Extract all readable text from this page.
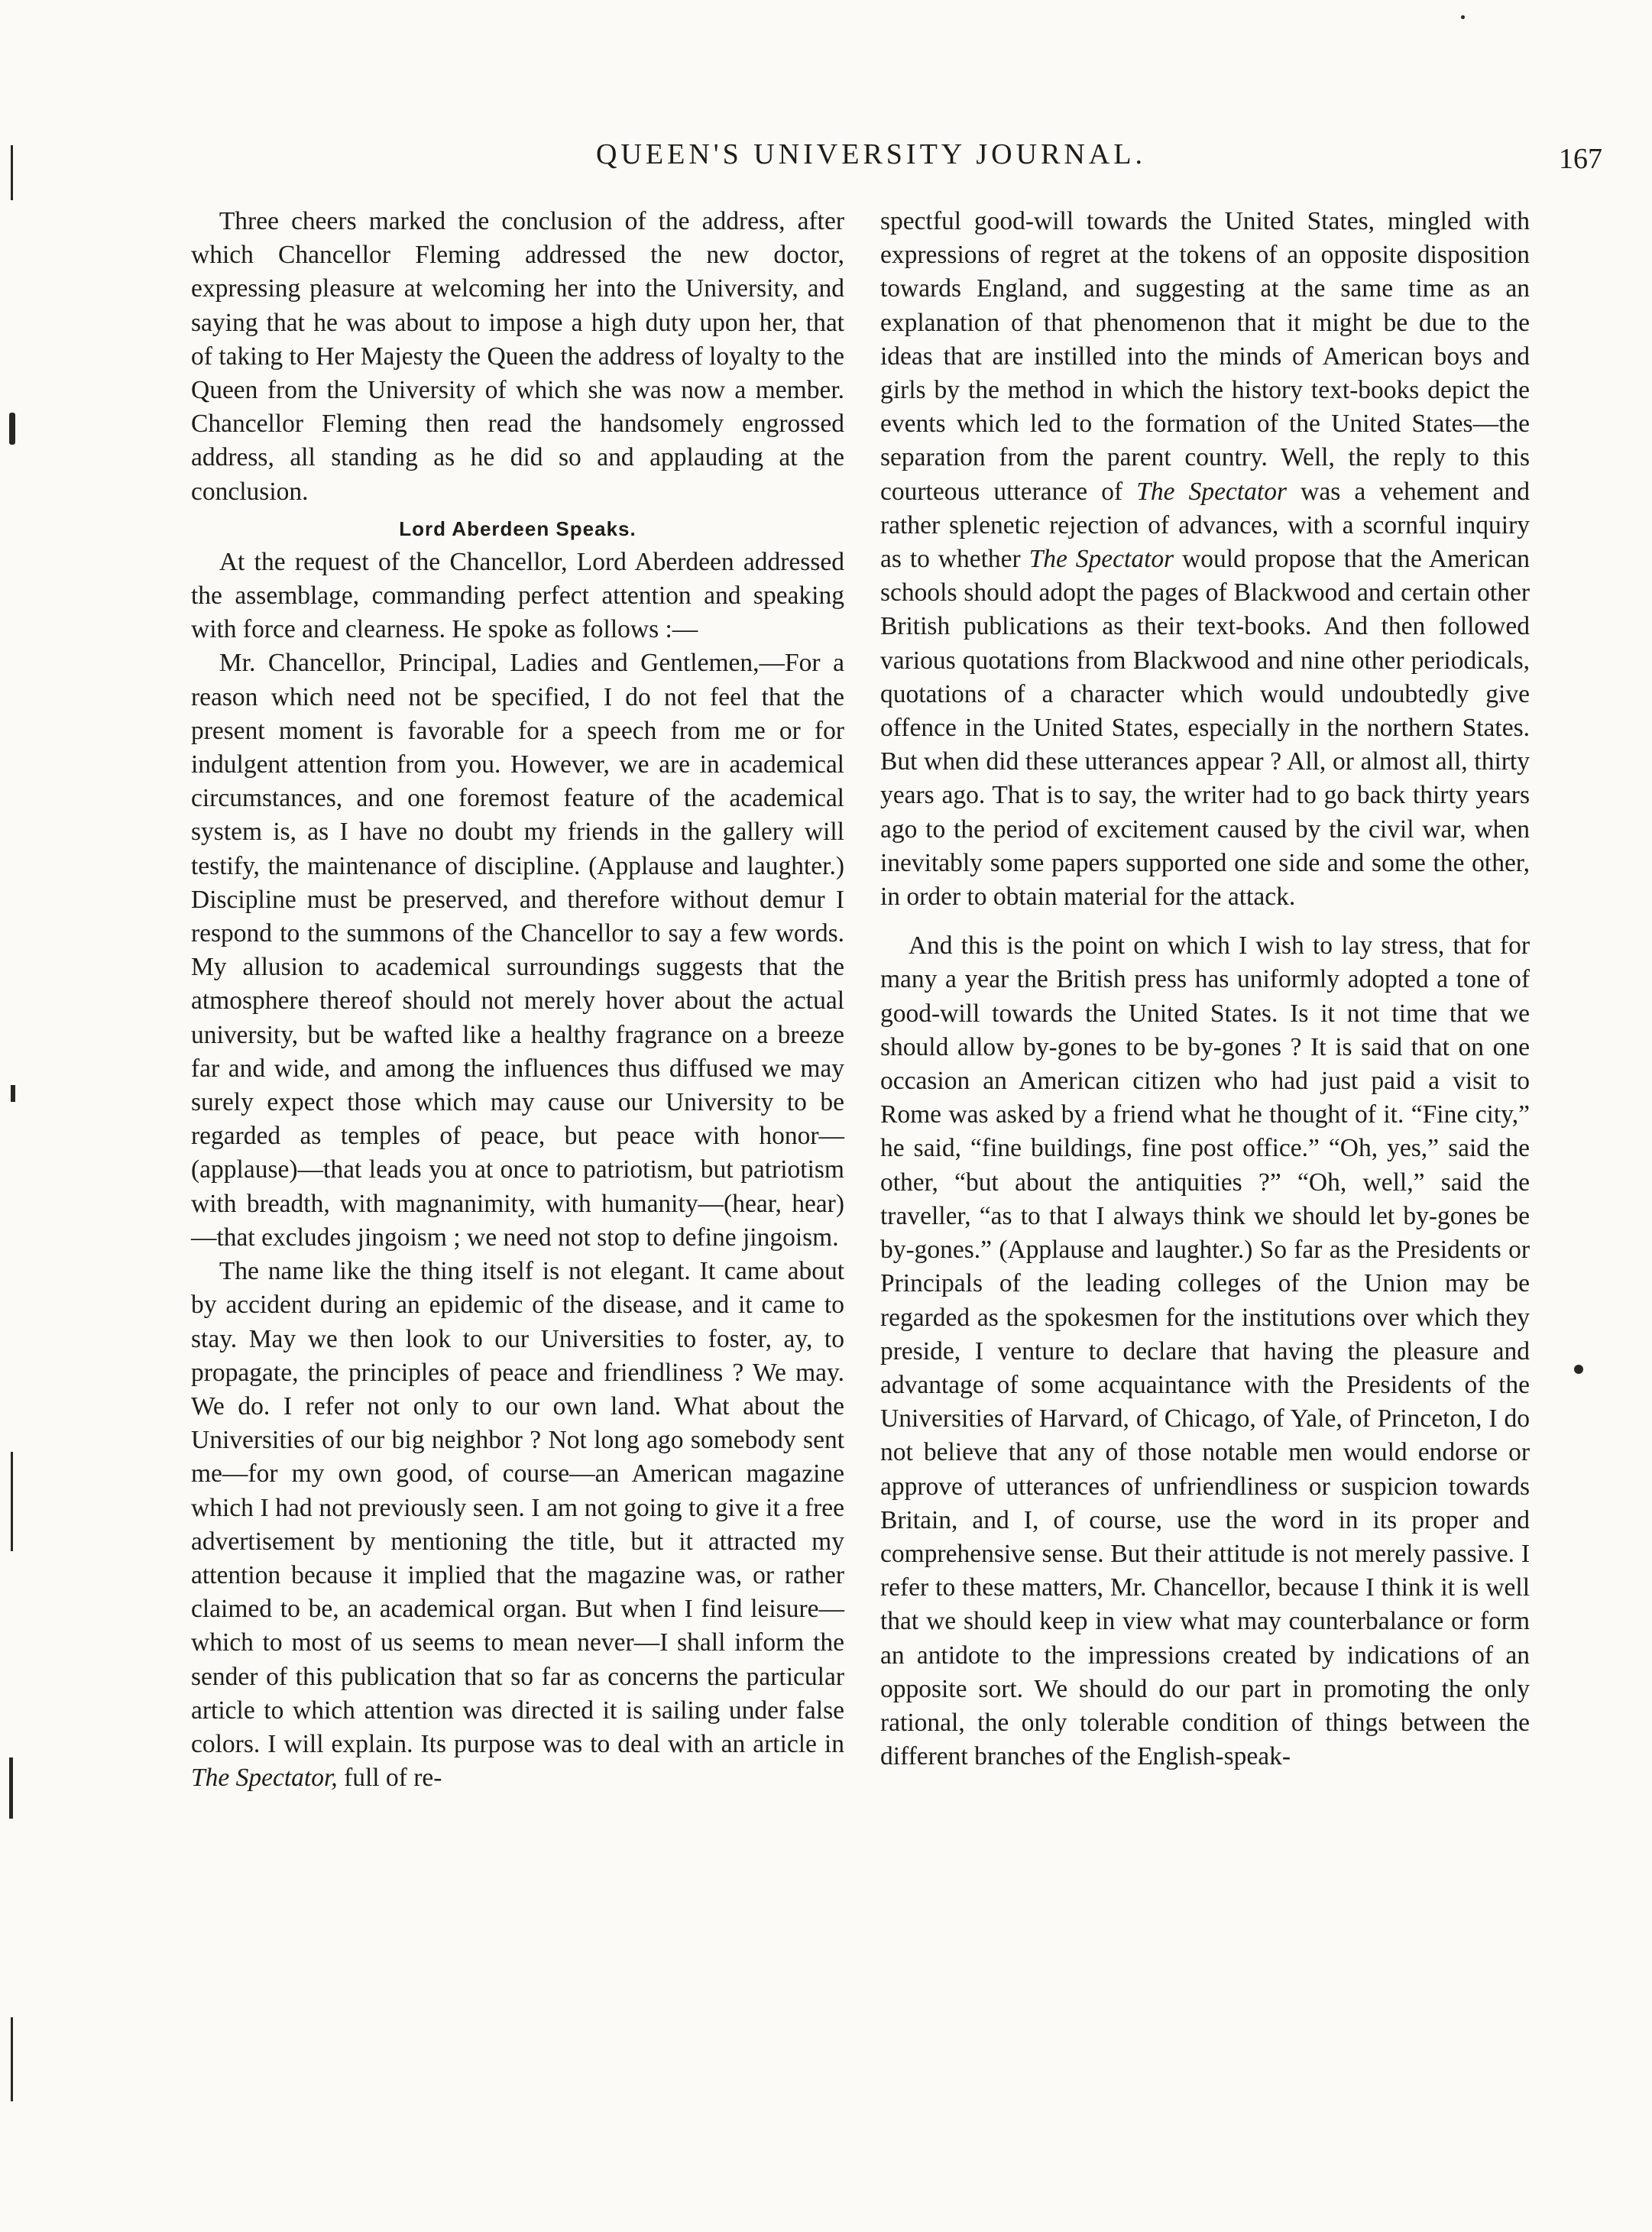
QUEEN'S UNIVERSITY JOURNAL.	167

Three cheers marked the conclusion of the address, after which Chancellor Fleming addressed the new doctor, expressing pleasure at welcoming her into the University, and saying that he was about to impose a high duty upon her, that of taking to Her Majesty the Queen the address of loyalty to the Queen from the University of which she was now a member. Chancellor Fleming then read the handsomely engrossed address, all standing as he did so and applauding at the conclusion.

Lord Aberdeen Speaks.

At the request of the Chancellor, Lord Aberdeen addressed the assemblage, commanding perfect attention and speaking with force and clearness. He spoke as follows :—

Mr. Chancellor, Principal, Ladies and Gentlemen,—For a reason which need not be specified, I do not feel that the present moment is favorable for a speech from me or for indulgent attention from you. However, we are in academical circumstances, and one foremost feature of the academical system is, as I have no doubt my friends in the gallery will testify, the maintenance of discipline. (Applause and laughter.) Discipline must be preserved, and therefore without demur I respond to the summons of the Chancellor to say a few words. My allusion to academical surroundings suggests that the atmosphere thereof should not merely hover about the actual university, but be wafted like a healthy fragrance on a breeze far and wide, and among the influences thus diffused we may surely expect those which may cause our University to be regarded as temples of peace, but peace with honor—(applause)—that leads you at once to patriotism, but patriotism with breadth, with magnanimity, with humanity—(hear, hear)—that excludes jingoism ; we need not stop to define jingoism.

The name like the thing itself is not elegant. It came about by accident during an epidemic of the disease, and it came to stay. May we then look to our Universities to foster, ay, to propagate, the principles of peace and friendliness ? We may. We do. I refer not only to our own land. What about the Universities of our big neighbor ? Not long ago somebody sent me—for my own good, of course—an American magazine which I had not previously seen. I am not going to give it a free advertisement by mentioning the title, but it attracted my attention because it implied that the magazine was, or rather claimed to be, an academical organ. But when I find leisure—which to most of us seems to mean never—I shall inform the sender of this publication that so far as concerns the particular article to which attention was directed it is sailing under false colors. I will explain. Its purpose was to deal with an article in The Spectator, full of re-

spectful good-will towards the United States, mingled with expressions of regret at the tokens of an opposite disposition towards England, and suggesting at the same time as an explanation of that phenomenon that it might be due to the ideas that are instilled into the minds of American boys and girls by the method in which the history text-books depict the events which led to the formation of the United States—the separation from the parent country. Well, the reply to this courteous utterance of The Spectator was a vehement and rather splenetic rejection of advances, with a scornful inquiry as to whether The Spectator would propose that the American schools should adopt the pages of Blackwood and certain other British publications as their text-books. And then followed various quotations from Blackwood and nine other periodicals, quotations of a character which would undoubtedly give offence in the United States, especially in the northern States. But when did these utterances appear ? All, or almost all, thirty years ago. That is to say, the writer had to go back thirty years ago to the period of excitement caused by the civil war, when inevitably some papers supported one side and some the other, in order to obtain material for the attack.

And this is the point on which I wish to lay stress, that for many a year the British press has uniformly adopted a tone of good-will towards the United States. Is it not time that we should allow by-gones to be by-gones ? It is said that on one occasion an American citizen who had just paid a visit to Rome was asked by a friend what he thought of it. “Fine city,” he said, “fine buildings, fine post office.” “Oh, yes,” said the other, “but about the antiquities ?” “Oh, well,” said the traveller, “as to that I always think we should let by-gones be by-gones.” (Applause and laughter.) So far as the Presidents or Principals of the leading colleges of the Union may be regarded as the spokesmen for the institutions over which they preside, I venture to declare that having the pleasure and advantage of some acquaintance with the Presidents of the Universities of Harvard, of Chicago, of Yale, of Princeton, I do not believe that any of those notable men would endorse or approve of utterances of unfriendliness or suspicion towards Britain, and I, of course, use the word in its proper and comprehensive sense. But their attitude is not merely passive. I refer to these matters, Mr. Chancellor, because I think it is well that we should keep in view what may counterbalance or form an antidote to the impressions created by indications of an opposite sort. We should do our part in promoting the only rational, the only tolerable condition of things between the different branches of the English-speak-
